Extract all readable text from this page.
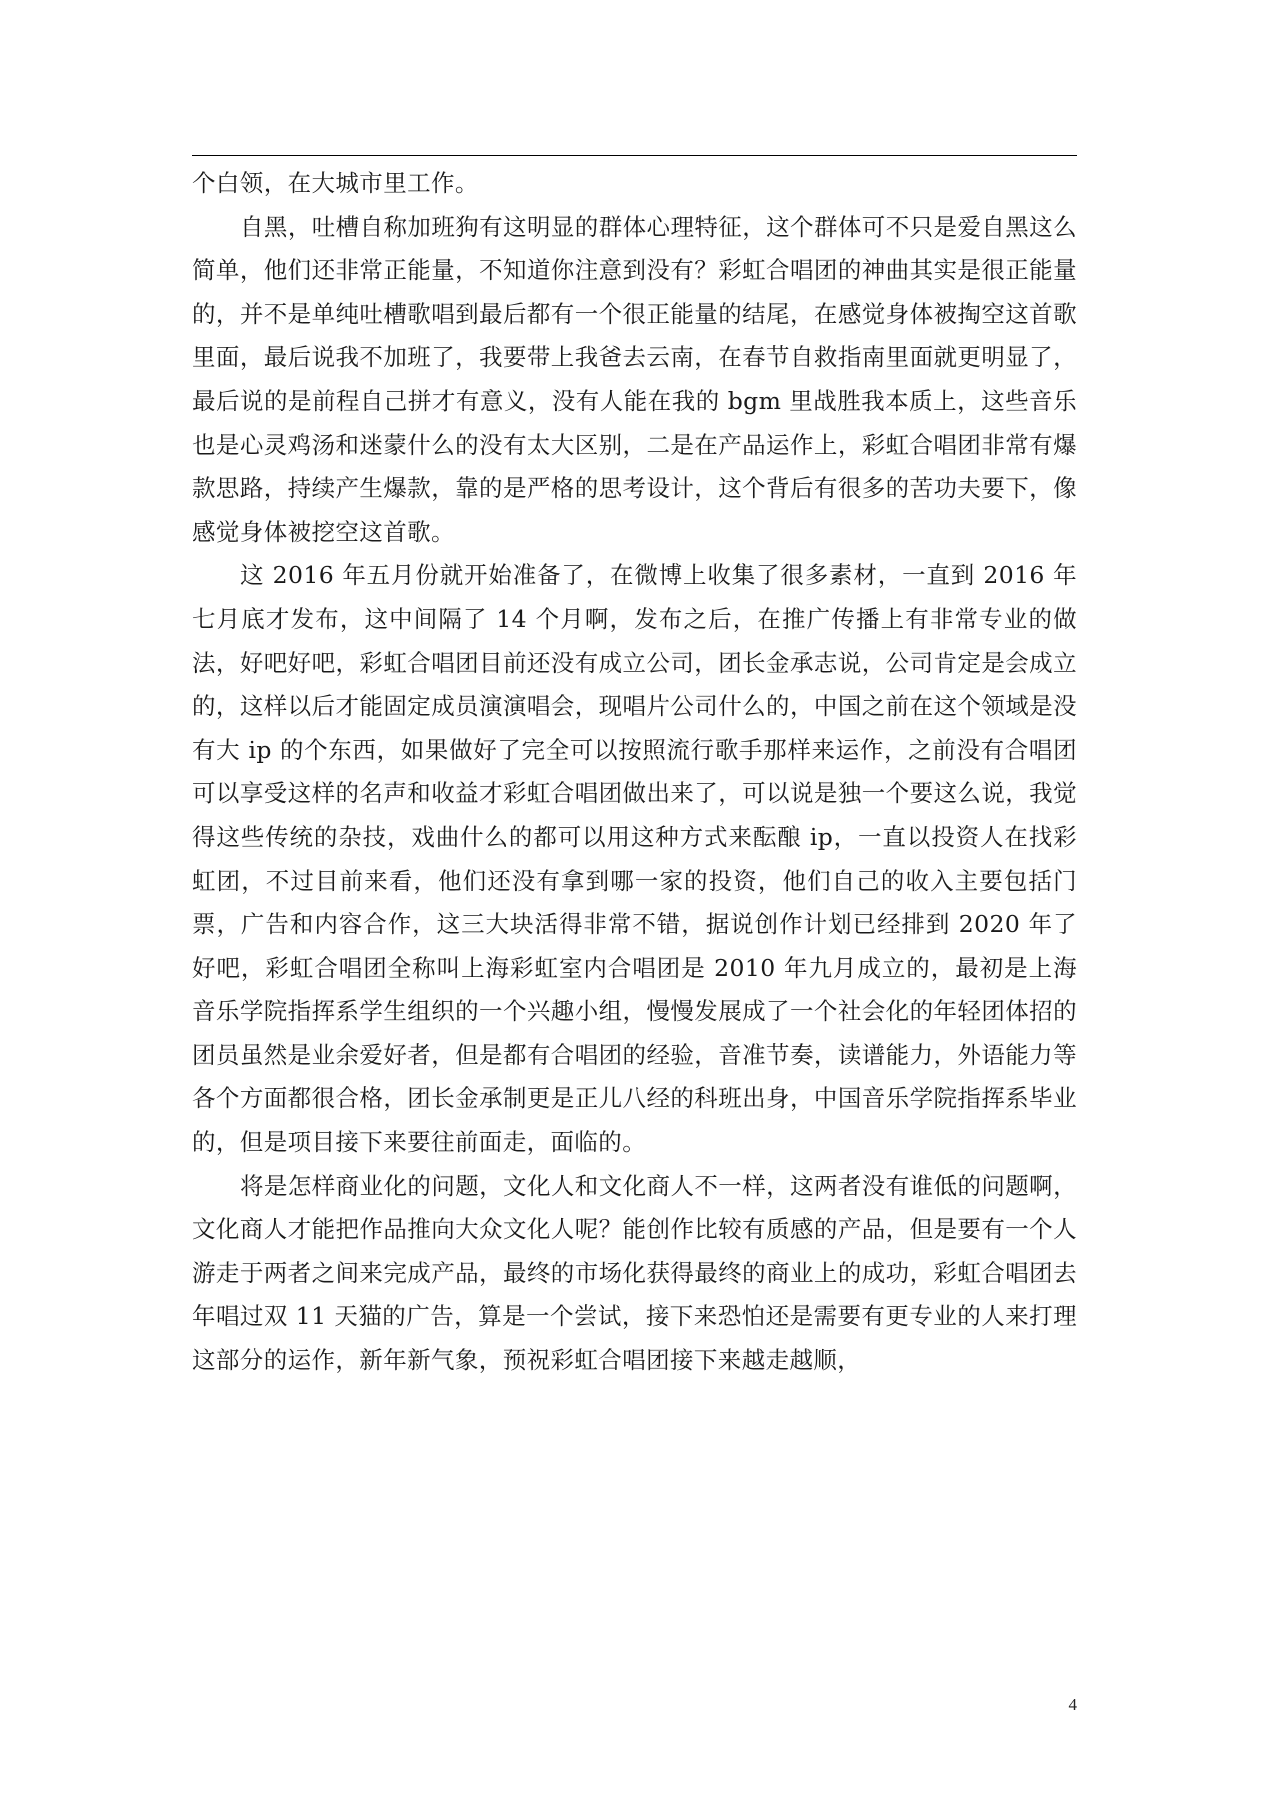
个白领，在大城市里工作。

自黑，吐槽自称加班狗有这明显的群体心理特征，这个群体可不只是爱自黑这么简单，他们还非常正能量，不知道你注意到没有？彩虹合唱团的神曲其实是很正能量的，并不是单纯吐槽歌唱到最后都有一个很正能量的结尾，在感觉身体被掏空这首歌里面，最后说我不加班了，我要带上我爸去云南，在春节自救指南里面就更明显了，最后说的是前程自己拼才有意义，没有人能在我的 bgm 里战胜我本质上，这些音乐也是心灵鸡汤和迷蒙什么的没有太大区别，二是在产品运作上，彩虹合唱团非常有爆款思路，持续产生爆款，靠的是严格的思考设计，这个背后有很多的苦功夫要下，像感觉身体被挖空这首歌。

这 2016 年五月份就开始准备了，在微博上收集了很多素材，一直到 2016 年七月底才发布，这中间隔了 14 个月啊，发布之后，在推广传播上有非常专业的做法，好吧好吧，彩虹合唱团目前还没有成立公司，团长金承志说，公司肯定是会成立的，这样以后才能固定成员演演唱会，现唱片公司什么的，中国之前在这个领域是没有大 ip 的个东西，如果做好了完全可以按照流行歌手那样来运作，之前没有合唱团可以享受这样的名声和收益才彩虹合唱团做出来了，可以说是独一个要这么说，我觉得这些传统的杂技，戏曲什么的都可以用这种方式来酝酿 ip，一直以投资人在找彩虹团，不过目前来看，他们还没有拿到哪一家的投资，他们自己的收入主要包括门票，广告和内容合作，这三大块活得非常不错，据说创作计划已经排到 2020 年了好吧，彩虹合唱团全称叫上海彩虹室内合唱团是 2010 年九月成立的，最初是上海音乐学院指挥系学生组织的一个兴趣小组，慢慢发展成了一个社会化的年轻团体招的团员虽然是业余爱好者，但是都有合唱团的经验，音准节奏，读谱能力，外语能力等各个方面都很合格，团长金承制更是正儿八经的科班出身，中国音乐学院指挥系毕业的，但是项目接下来要往前面走，面临的。

将是怎样商业化的问题，文化人和文化商人不一样，这两者没有谁低的问题啊，文化商人才能把作品推向大众文化人呢？能创作比较有质感的产品，但是要有一个人游走于两者之间来完成产品，最终的市场化获得最终的商业上的成功，彩虹合唱团去年唱过双 11 天猫的广告，算是一个尝试，接下来恐怕还是需要有更专业的人来打理这部分的运作，新年新气象，预祝彩虹合唱团接下来越走越顺，

4
